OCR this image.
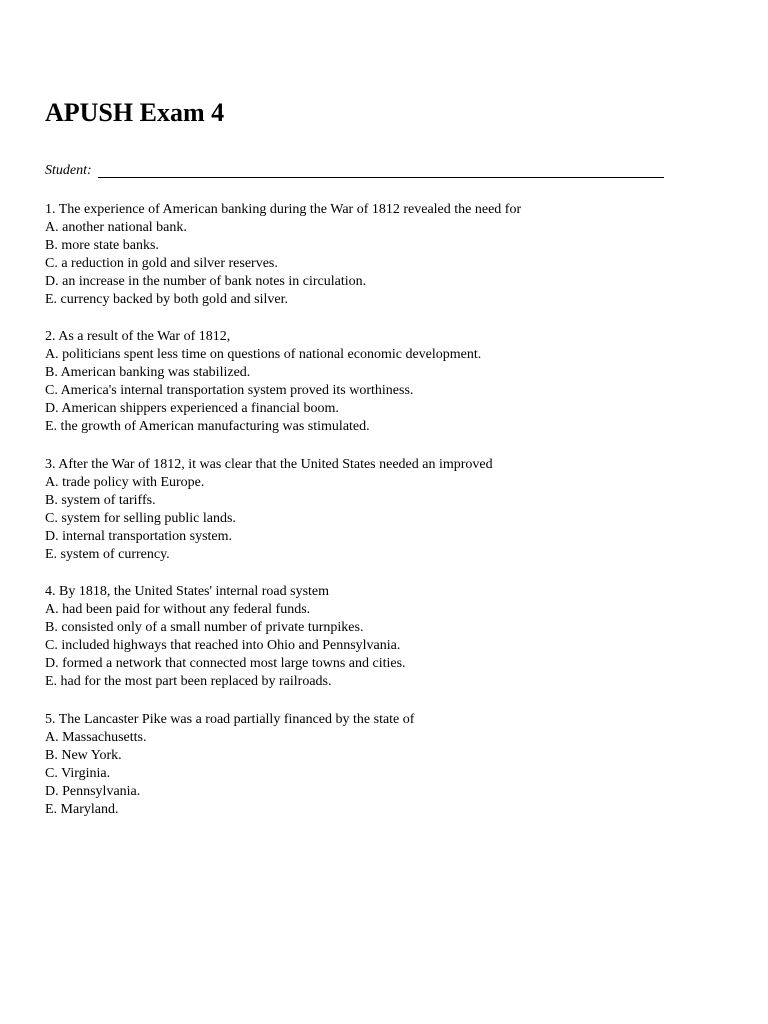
APUSH Exam 4
Student:
1. The experience of American banking during the War of 1812 revealed the need for
A. another national bank.
B. more state banks.
C. a reduction in gold and silver reserves.
D. an increase in the number of bank notes in circulation.
E. currency backed by both gold and silver.
2. As a result of the War of 1812,
A. politicians spent less time on questions of national economic development.
B. American banking was stabilized.
C. America's internal transportation system proved its worthiness.
D. American shippers experienced a financial boom.
E. the growth of American manufacturing was stimulated.
3. After the War of 1812, it was clear that the United States needed an improved
A. trade policy with Europe.
B. system of tariffs.
C. system for selling public lands.
D. internal transportation system.
E. system of currency.
4. By 1818, the United States' internal road system
A. had been paid for without any federal funds.
B. consisted only of a small number of private turnpikes.
C. included highways that reached into Ohio and Pennsylvania.
D. formed a network that connected most large towns and cities.
E. had for the most part been replaced by railroads.
5. The Lancaster Pike was a road partially financed by the state of
A. Massachusetts.
B. New York.
C. Virginia.
D. Pennsylvania.
E. Maryland.
